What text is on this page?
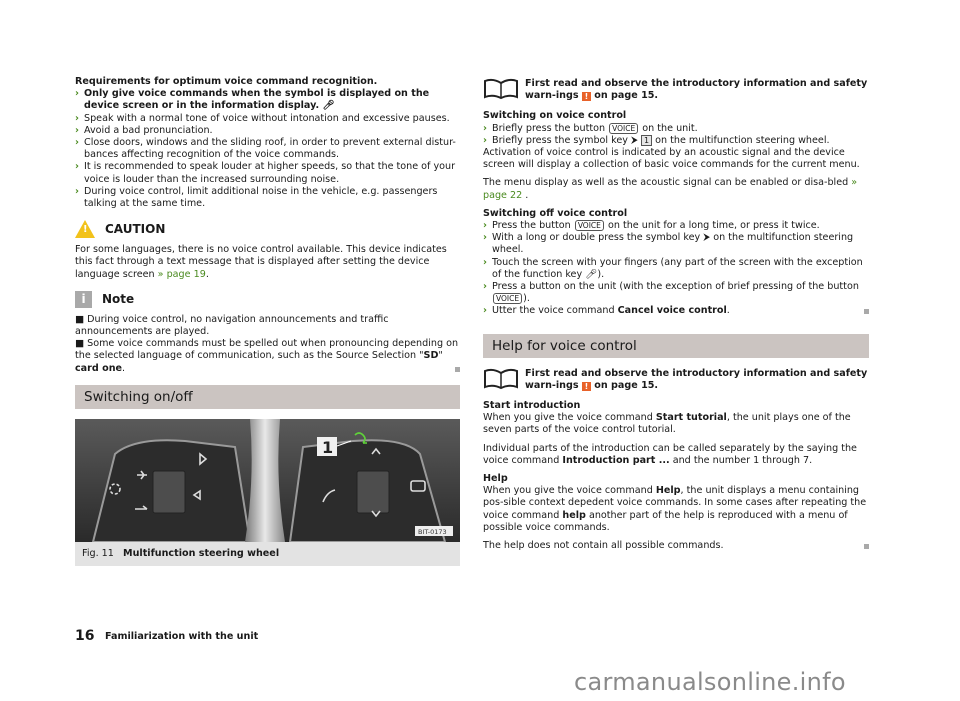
Requirements for optimum voice command recognition.
› Only give voice commands when the symbol is displayed on the device screen or in the information display. 🎤︎
› Speak with a normal tone of voice without intonation and excessive pauses.
› Avoid a bad pronunciation.
› Close doors, windows and the sliding roof, in order to prevent external distur-bances affecting recognition of the voice commands.
› It is recommended to speak louder at higher speeds, so that the tone of your voice is louder than the increased surrounding noise.
› During voice control, limit additional noise in the vehicle, e.g. passengers talking at the same time.
! CAUTION
For some languages, there is no voice control available. This device indicates this fact through a text message that is displayed after setting the device language screen » page 19.
i	Note
■ During voice control, no navigation announcements and traffic announcements are played.
■ Some voice commands must be spelled out when pronouncing depending on the selected language of communication, such as the Source Selection "SD" card one.
Switching on/off
1
BIT-0173
Fig. 11 Multifunction steering wheel
First read and observe the introductory information and safety warn-ings ! on page 15.
Switching on voice control
› Briefly press the button VOICE on the unit.
› Briefly press the symbol key ⮞ 1 on the multifunction steering wheel.
Activation of voice control is indicated by an acoustic signal and the device screen will display a collection of basic voice commands for the current menu.
The menu display as well as the acoustic signal can be enabled or disa-bled » page 22 .
Switching off voice control
› Press the button VOICE on the unit for a long time, or press it twice.
› With a long or double press the symbol key ⮞ on the multifunction steering wheel.
› Touch the screen with your fingers (any part of the screen with the exception of the function key 🎤︎).
› Press a button on the unit (with the exception of brief pressing of the button VOICE ).
› Utter the voice command Cancel voice control.
Help for voice control
First read and observe the introductory information and safety warn-ings ! on page 15.
Start introduction
When you give the voice command Start tutorial, the unit plays one of the seven parts of the voice control tutorial.
Individual parts of the introduction can be called separately by the saying the voice command Introduction part ... and the number 1 through 7.
Help
When you give the voice command Help, the unit displays a menu containing pos-sible context depedent voice commands. In some cases after repeating the voice command help another part of the help is reproduced with a menu of possible voice commands.
The help does not contain all possible commands.
16 Familiarization with the unit
carmanualsonline.info
